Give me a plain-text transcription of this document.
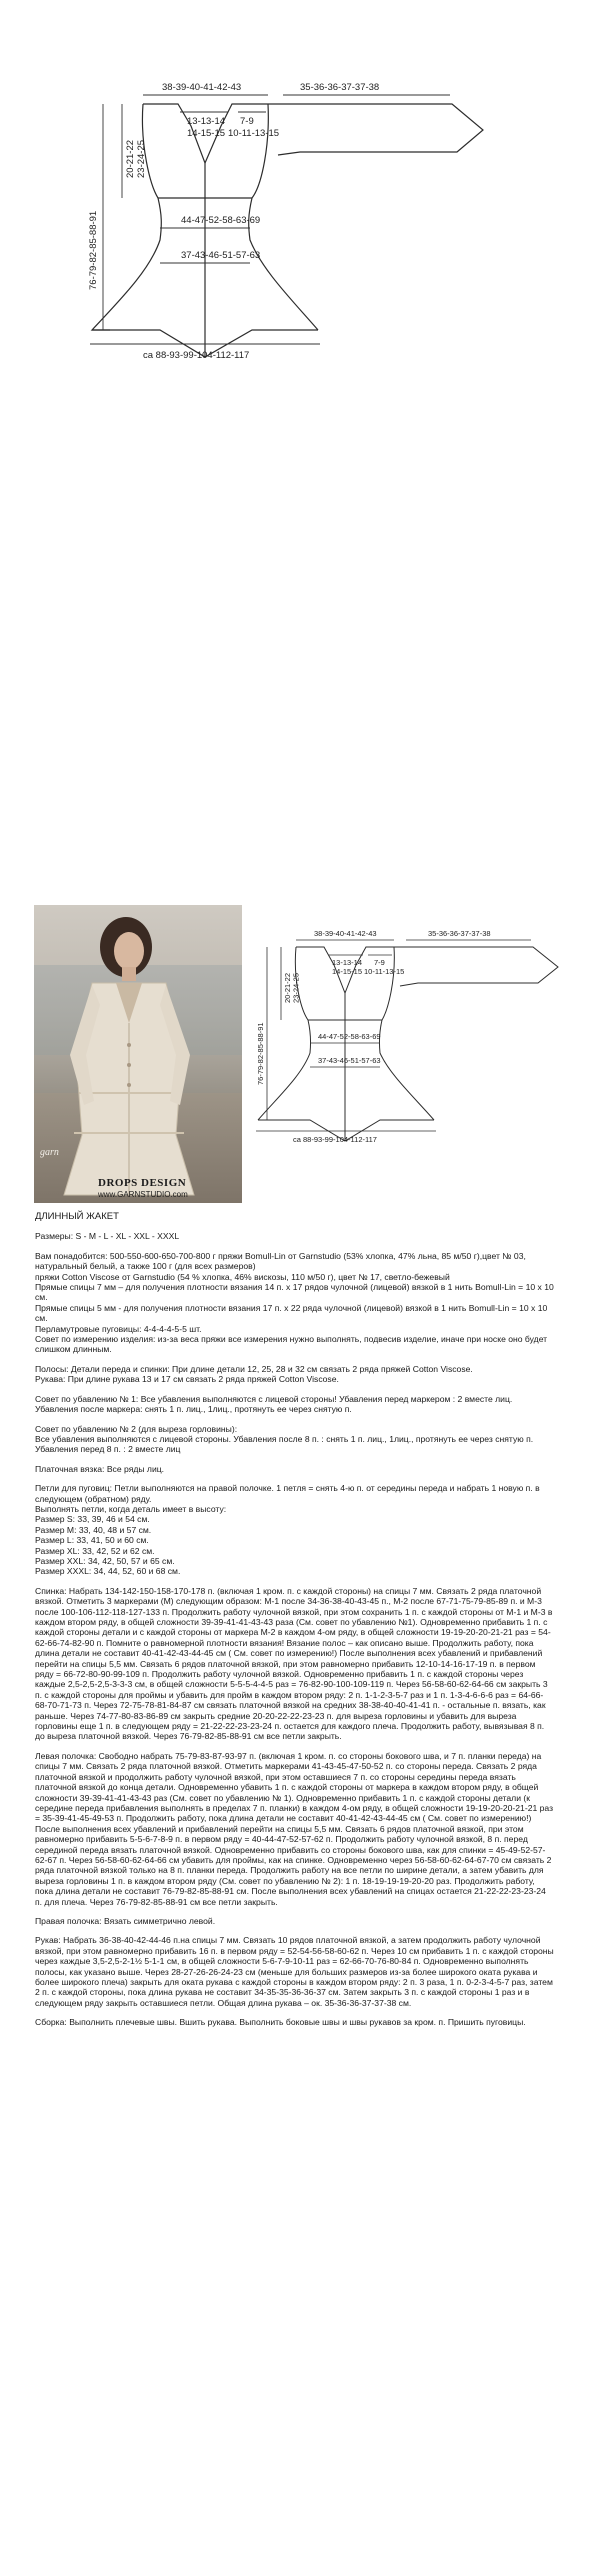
38-39-40-41-42-43	35-36-36-37-37-38
13-13-14
14-15-15
7-9
10-11-13-15
44-47-52-58-63-69
37-43-46-51-57-63
ca 88-93-99-104-112-117
20-21-2223-24-25
76-79-82-85-88-91
garn
DROPS DESIGN
www.GARNSTUDIO.com
38-39-40-41-42-43	35-36-36-37-37-38
13-13-14
14-15-15
7-9
10-11-13-15
44-47-52-58-63-69
37-43-46-51-57-63
ca 88-93-99-104-112-117
20-21-2223-24-25
76-79-82-85-88-91

ДЛИННЫЙ ЖАКЕТ

Размеры: S - M - L - XL - XXL - XXXL

Вам понадобится: 500-550-600-650-700-800 г пряжи Bomull-Lin от Garnstudio (53% хлопка, 47% льна, 85 м/50 г),цвет № 03, натуральный белый, а также 100 г (для всех размеров)
пряжи Cotton Viscose от Garnstudio (54 % хлопка, 46% вискозы, 110 м/50 г), цвет № 17, светло-бежевый
Прямые спицы 7 мм – для получения плотности вязания 14 п. х 17 рядов чулочной (лицевой) вязкой в 1 нить Bomull-Lin = 10 х 10 см.
Прямые спицы 5 мм - для получения плотности вязания 17 п. х 22 ряда чулочной (лицевой) вязкой в 1 нить Bomull-Lin = 10 х 10 см.
Перламутровые пуговицы: 4-4-4-4-5-5 шт.
Совет по измерению изделия: из-за веса пряжи все измерения нужно выполнять, подвесив изделие, иначе при носке оно будет слишком длинным.

Полосы: Детали переда и спинки: При длине детали 12, 25, 28 и 32 см связать 2 ряда пряжей Cotton Viscose.
Рукава: При длине рукава 13 и 17 см связать 2 ряда пряжей Cotton Viscose.

Совет по убавлению № 1: Все убавления выполняются с лицевой стороны! Убавления перед маркером : 2 вместе лиц. Убавления после маркера: снять 1 п. лиц., 1лиц., протянуть ее через снятую п.

Совет по убавлению № 2 (для выреза горловины):
Все убавления выполняются с лицевой стороны. Убавления после 8 п. : снять 1 п. лиц., 1лиц., протянуть ее через снятую п. Убавления перед 8 п. : 2 вместе лиц

Платочная вязка: Все ряды лиц.

Петли для пуговиц: Петли выполняются на правой полочке. 1 петля = снять 4-ю п. от середины переда и набрать 1 новую п. в следующем (обратном) ряду.
Выполнять петли, когда деталь имеет в высоту:
Размер S: 33, 39, 46 и 54 см.
Размер M: 33, 40, 48 и 57 см.
Размер L: 33, 41, 50 и 60 см.
Размер XL: 33, 42, 52 и 62 см.
Размер XXL: 34, 42, 50, 57 и 65 см.
Размер XXXL: 34, 44, 52, 60 и 68 см.

Спинка: Набрать 134-142-150-158-170-178 п. (включая 1 кром. п. с каждой стороны) на спицы 7 мм. Связать 2 ряда платочной вязкой. Отметить 3 маркерами (М) следующим образом: М-1 после 34-36-38-40-43-45 п., М-2 после 67-71-75-79-85-89 п. и М-3 после 100-106-112-118-127-133 п. Продолжить работу чулочной вязкой, при этом сохранить 1 п. с каждой стороны от М-1 и М-3 в каждом втором ряду, в общей сложности 39-39-41-41-43-43 раза (См. совет по убавлению №1). Одновременно прибавить 1 п. с каждой стороны детали и с каждой стороны от маркера М-2 в каждом 4-ом ряду, в общей сложности 19-19-20-20-21-21 раз = 54-62-66-74-82-90 п. Помните о равномерной плотности вязания! Вязание полос – как описано выше. Продолжить работу, пока длина детали не составит 40-41-42-43-44-45 см ( См. совет по измерению!) После выполнения всех убавлений и прибавлений перейти на спицы 5,5 мм. Связать 6 рядов платочной вязкой, при этом равномерно прибавить 12-10-14-16-17-19 п. в первом ряду = 66-72-80-90-99-109 п. Продолжить работу чулочной вязкой. Одновременно прибавить 1 п. с каждой стороны через каждые 2,5-2,5-2,5-3-3-3 см, в общей сложности 5-5-5-4-4-5 раз = 76-82-90-100-109-119 п. Через 56-58-60-62-64-66 см закрыть 3 п. с каждой стороны для проймы и убавить для пройм в каждом втором ряду: 2 п. 1-1-2-3-5-7 раз и 1 п. 1-3-4-6-6-6 раз = 64-66-68-70-71-73 п. Через 72-75-78-81-84-87 см связать платочной вязкой на средних 38-38-40-40-41-41 п. - остальные п. вязать, как раньше. Через 74-77-80-83-86-89 см закрыть средние 20-20-22-22-23-23 п. для выреза горловины и убавить для выреза горловины еще 1 п. в следующем ряду = 21-22-22-23-23-24 п. остается для каждого плеча. Продолжить работу, вывязывая 8 п. до выреза платочной вязкой. Через 76-79-82-85-88-91 см все петли закрыть.

Левая полочка: Свободно набрать 75-79-83-87-93-97 п. (включая 1 кром. п. со стороны бокового шва, и 7 п. планки переда) на спицы 7 мм. Связать 2 ряда платочной вязкой. Отметить маркерами 41-43-45-47-50-52 п. со стороны переда. Связать 2 ряда платочной вязкой и продолжить работу чулочной вязкой, при этом оставшиеся 7 п. со стороны середины переда вязать платочной вязкой до конца детали. Одновременно убавить 1 п. с каждой стороны от маркера в каждом втором ряду, в общей сложности 39-39-41-41-43-43 раз (См. совет по убавлению № 1). Одновременно прибавить 1 п. с каждой стороны детали (к середине переда прибавления выполнять в пределах 7 п. планки) в каждом 4-ом ряду, в общей сложности 19-19-20-20-21-21 раз = 35-39-41-45-49-53 п. Продолжить работу, пока длина детали не составит 40-41-42-43-44-45 см ( См. совет по измерению!) После выполнения всех убавлений и прибавлений перейти на спицы 5,5 мм. Связать 6 рядов платочной вязкой, при этом равномерно прибавить 5-5-6-7-8-9 п. в первом ряду = 40-44-47-52-57-62 п. Продолжить работу чулочной вязкой, 8 п. перед серединой переда вязать платочной вязкой. Одновременно прибавить со стороны бокового шва, как для спинки = 45-49-52-57-62-67 п. Через 56-58-60-62-64-66 см убавить для проймы, как на спинке. Одновременно через 56-58-60-62-64-67-70 см связать 2 ряда платочной вязкой только на 8 п. планки переда. Продолжить работу на все петли по ширине детали, а затем убавить для выреза горловины 1 п. в каждом втором ряду (См. совет по убавлению № 2): 1 п. 18-19-19-19-20-20 раз. Продолжить работу, пока длина детали не составит 76-79-82-85-88-91 см. После выполнения всех убавлений на спицах остается 21-22-22-23-23-24 п. для плеча. Через 76-79-82-85-88-91 см все петли закрыть.

Правая полочка: Вязать симметрично левой.

Рукав: Набрать 36-38-40-42-44-46 п.на спицы 7 мм. Связать 10 рядов платочной вязкой, а затем продолжить работу чулочной вязкой, при этом равномерно прибавить 16 п. в первом ряду = 52-54-56-58-60-62 п. Через 10 см прибавить 1 п. с каждой стороны через каждые 3,5-2,5-2-1½ 5-1-1 см, в общей сложности 5-6-7-9-10-11 раз = 62-66-70-76-80-84 п. Одновременно выполнять полосы, как указано выше. Через 28-27-26-26-24-23 см (меньше для больших размеров из-за более широкого окатa рукава и более широкого плеча) закрыть для окатa рукава с каждой стороны в каждом втором ряду: 2 п. 3 раза, 1 п. 0-2-3-4-5-7 раз, затем 2 п. с каждой стороны, пока длина рукава не составит 34-35-35-36-36-37 см. Затем закрыть 3 п. с каждой стороны 1 раз и в следующем ряду закрыть оставшиеся петли. Общая длина рукава – ок. 35-36-36-37-37-38 см.

Сборка: Выполнить плечевые швы. Вшить рукава. Выполнить боковые швы и швы рукавов за кром. п. Пришить пуговицы.
